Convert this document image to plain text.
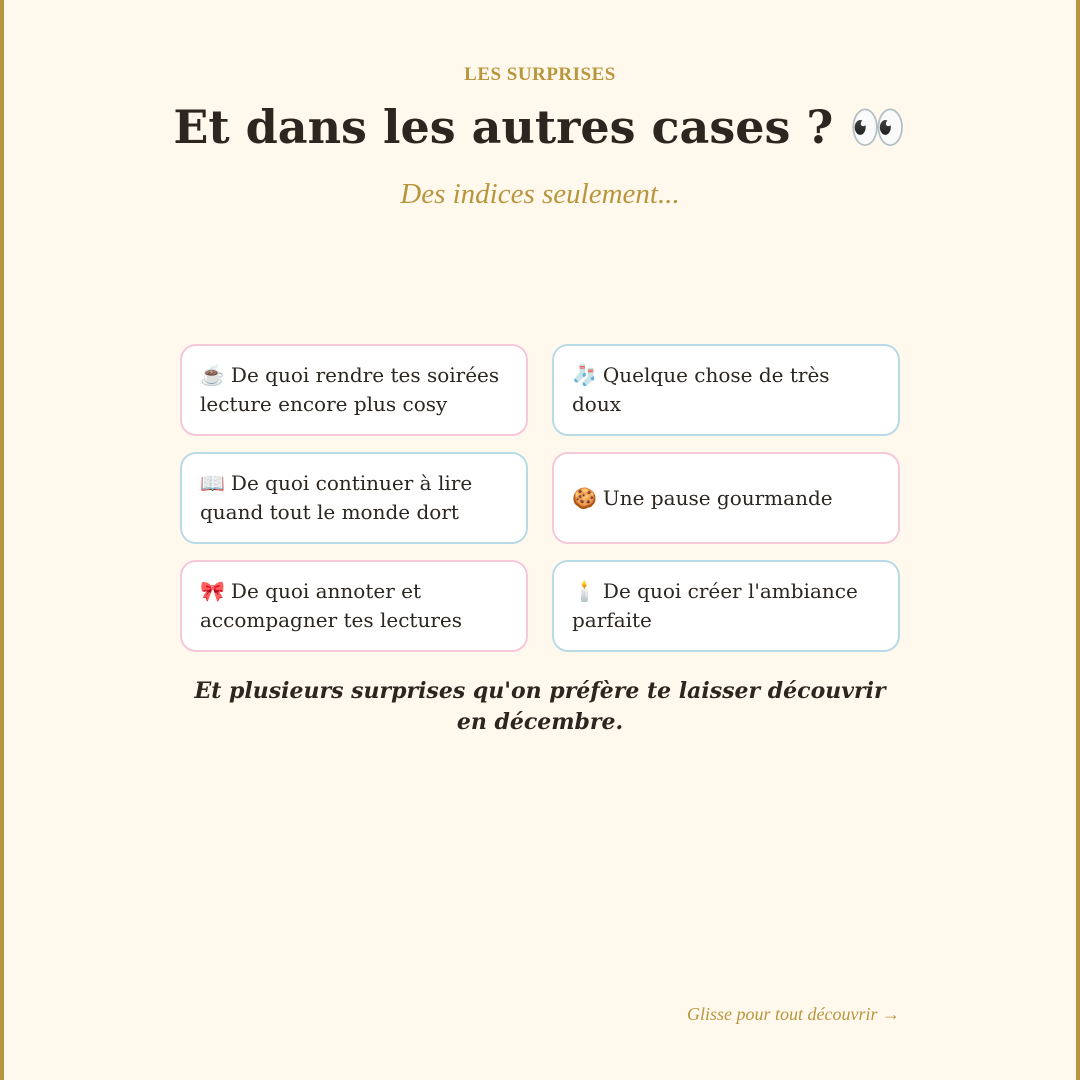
LES SURPRISES
Et dans les autres cases ? 👀
Des indices seulement...
☕ De quoi rendre tes soirées lecture encore plus cosy
🧦 Quelque chose de très doux
📖 De quoi continuer à lire quand tout le monde dort
🍪 Une pause gourmande
🎀 De quoi annoter et accompagner tes lectures
🕯️ De quoi créer l'ambiance parfaite
Et plusieurs surprises qu'on préfère te laisser découvrir en décembre.
Glisse pour tout découvrir →
